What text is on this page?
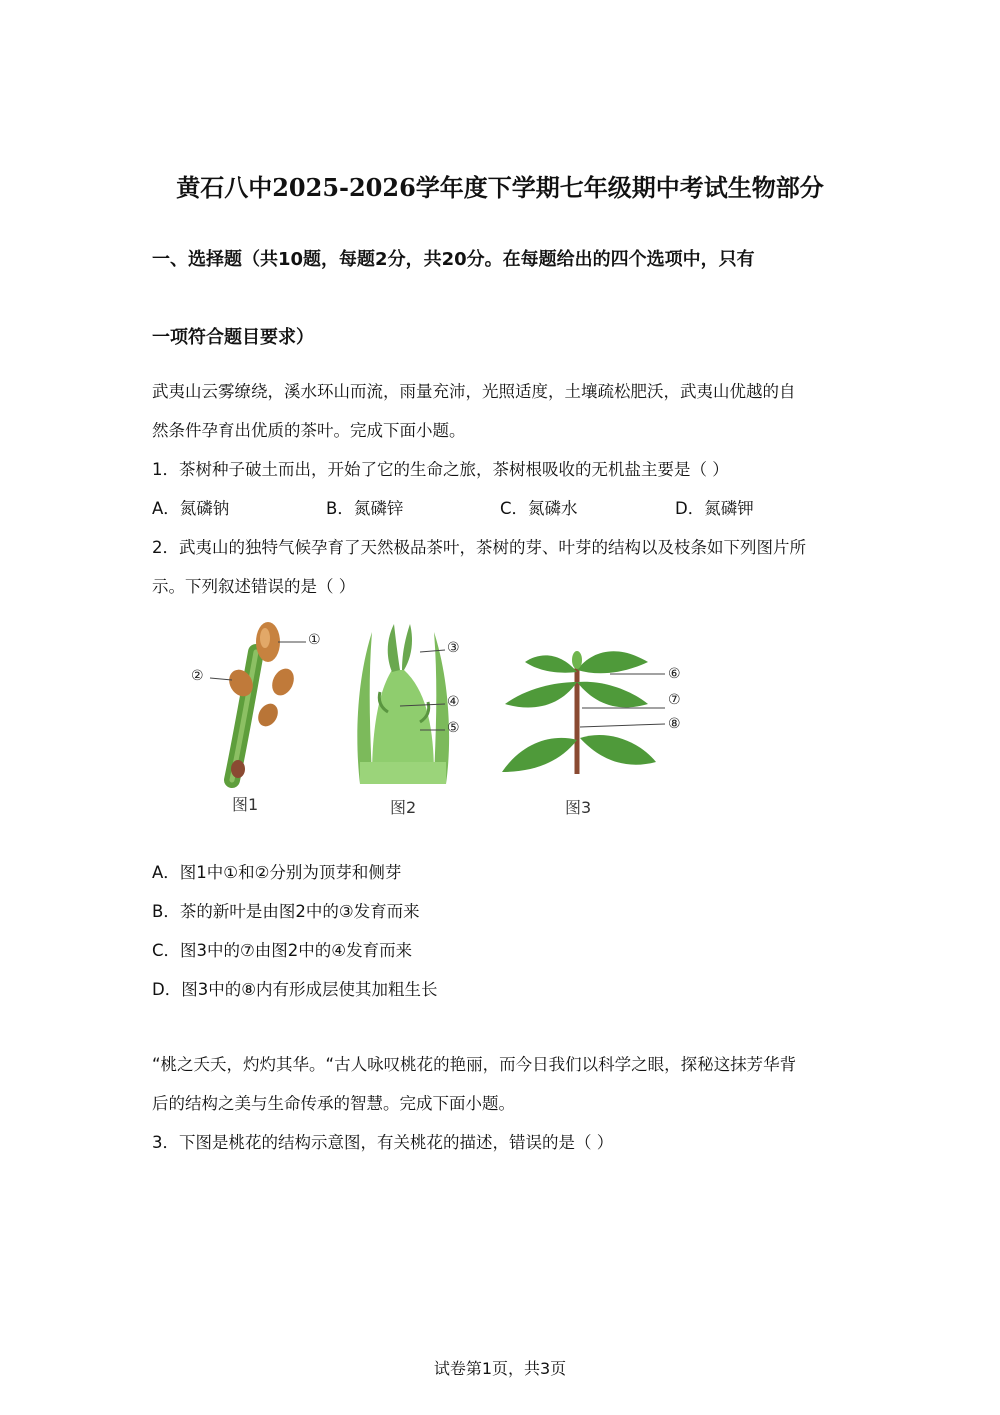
黄石八中2025-2026学年度下学期七年级期中考试生物部分
一、选择题（共10题，每题2分，共20分。在每题给出的四个选项中，只有
一项符合题目要求）
武夷山云雾缭绕，溪水环山而流，雨量充沛，光照适度，土壤疏松肥沃，武夷山优越的自
然条件孕育出优质的茶叶。完成下面小题。
1．茶树种子破土而出，开始了它的生命之旅，茶树根吸收的无机盐主要是（ ）
A．氮磷钠	B．氮磷锌	C．氮磷水	D．氮磷钾
2．武夷山的独特气候孕育了天然极品茶叶，茶树的芽、叶芽的结构以及枝条如下列图片所
示。下列叙述错误的是（ ）
①
②
③
④
⑤
⑥
⑦
⑧
图1	图2	图3
A．图1中①和②分别为顶芽和侧芽
B．茶的新叶是由图2中的③发育而来
C．图3中的⑦由图2中的④发育而来
D．图3中的⑧内有形成层使其加粗生长
“桃之夭夭，灼灼其华。“古人咏叹桃花的艳丽，而今日我们以科学之眼，探秘这抹芳华背
后的结构之美与生命传承的智慧。完成下面小题。
3．下图是桃花的结构示意图，有关桃花的描述，错误的是（ ）
试卷第1页，共3页
